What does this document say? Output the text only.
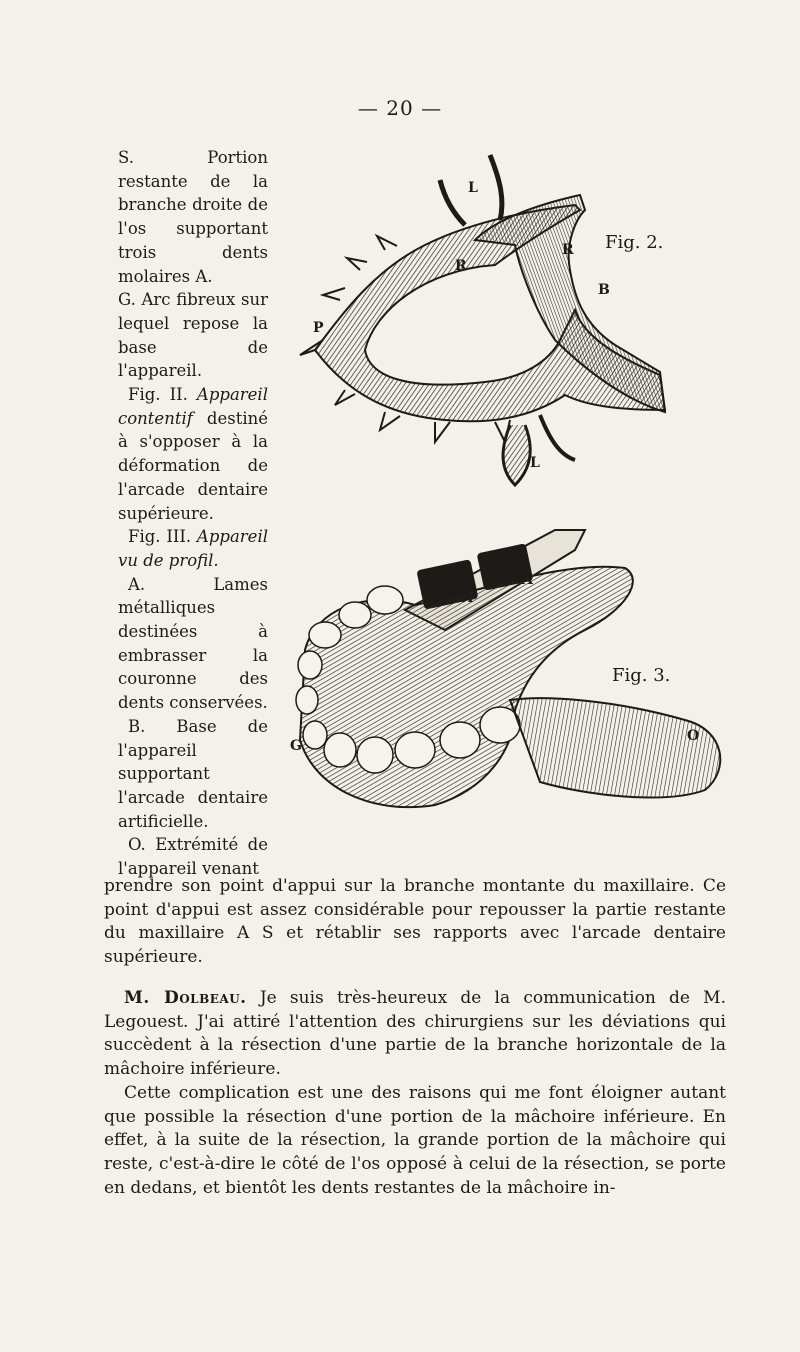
— 20 —

S. Portion restante de la branche droite de l'os supportant trois dents molaires A.

G. Arc fibreux sur lequel repose la base de l'appareil.

Fig. II. Appareil contentif destiné à s'opposer à la déformation de l'arcade dentaire supérieure.

Fig. III. Appareil vu de profil.

A. Lames métalliques destinées à embrasser la couronne des dents conservées.

B. Base de l'appareil supportant l'arcade dentaire artificielle.

O. Extrémité de l'appareil venant

L
R
R
B
P
L
Fig. 2.
A
A
G
O
Fig. 3.

prendre son point d'appui sur la branche montante du maxillaire. Ce point d'appui est assez considérable pour repousser la partie restante du maxillaire A S et rétablir ses rapports avec l'arcade dentaire supérieure.

M. Dolbeau. Je suis très-heureux de la communication de M. Legouest. J'ai attiré l'attention des chirurgiens sur les déviations qui succèdent à la résection d'une partie de la branche horizontale de la mâchoire inférieure.

Cette complication est une des raisons qui me font éloigner autant que possible la résection d'une portion de la mâchoire inférieure. En effet, à la suite de la résection, la grande portion de la mâchoire qui reste, c'est-à-dire le côté de l'os opposé à celui de la résection, se porte en dedans, et bientôt les dents restantes de la mâchoire in-
